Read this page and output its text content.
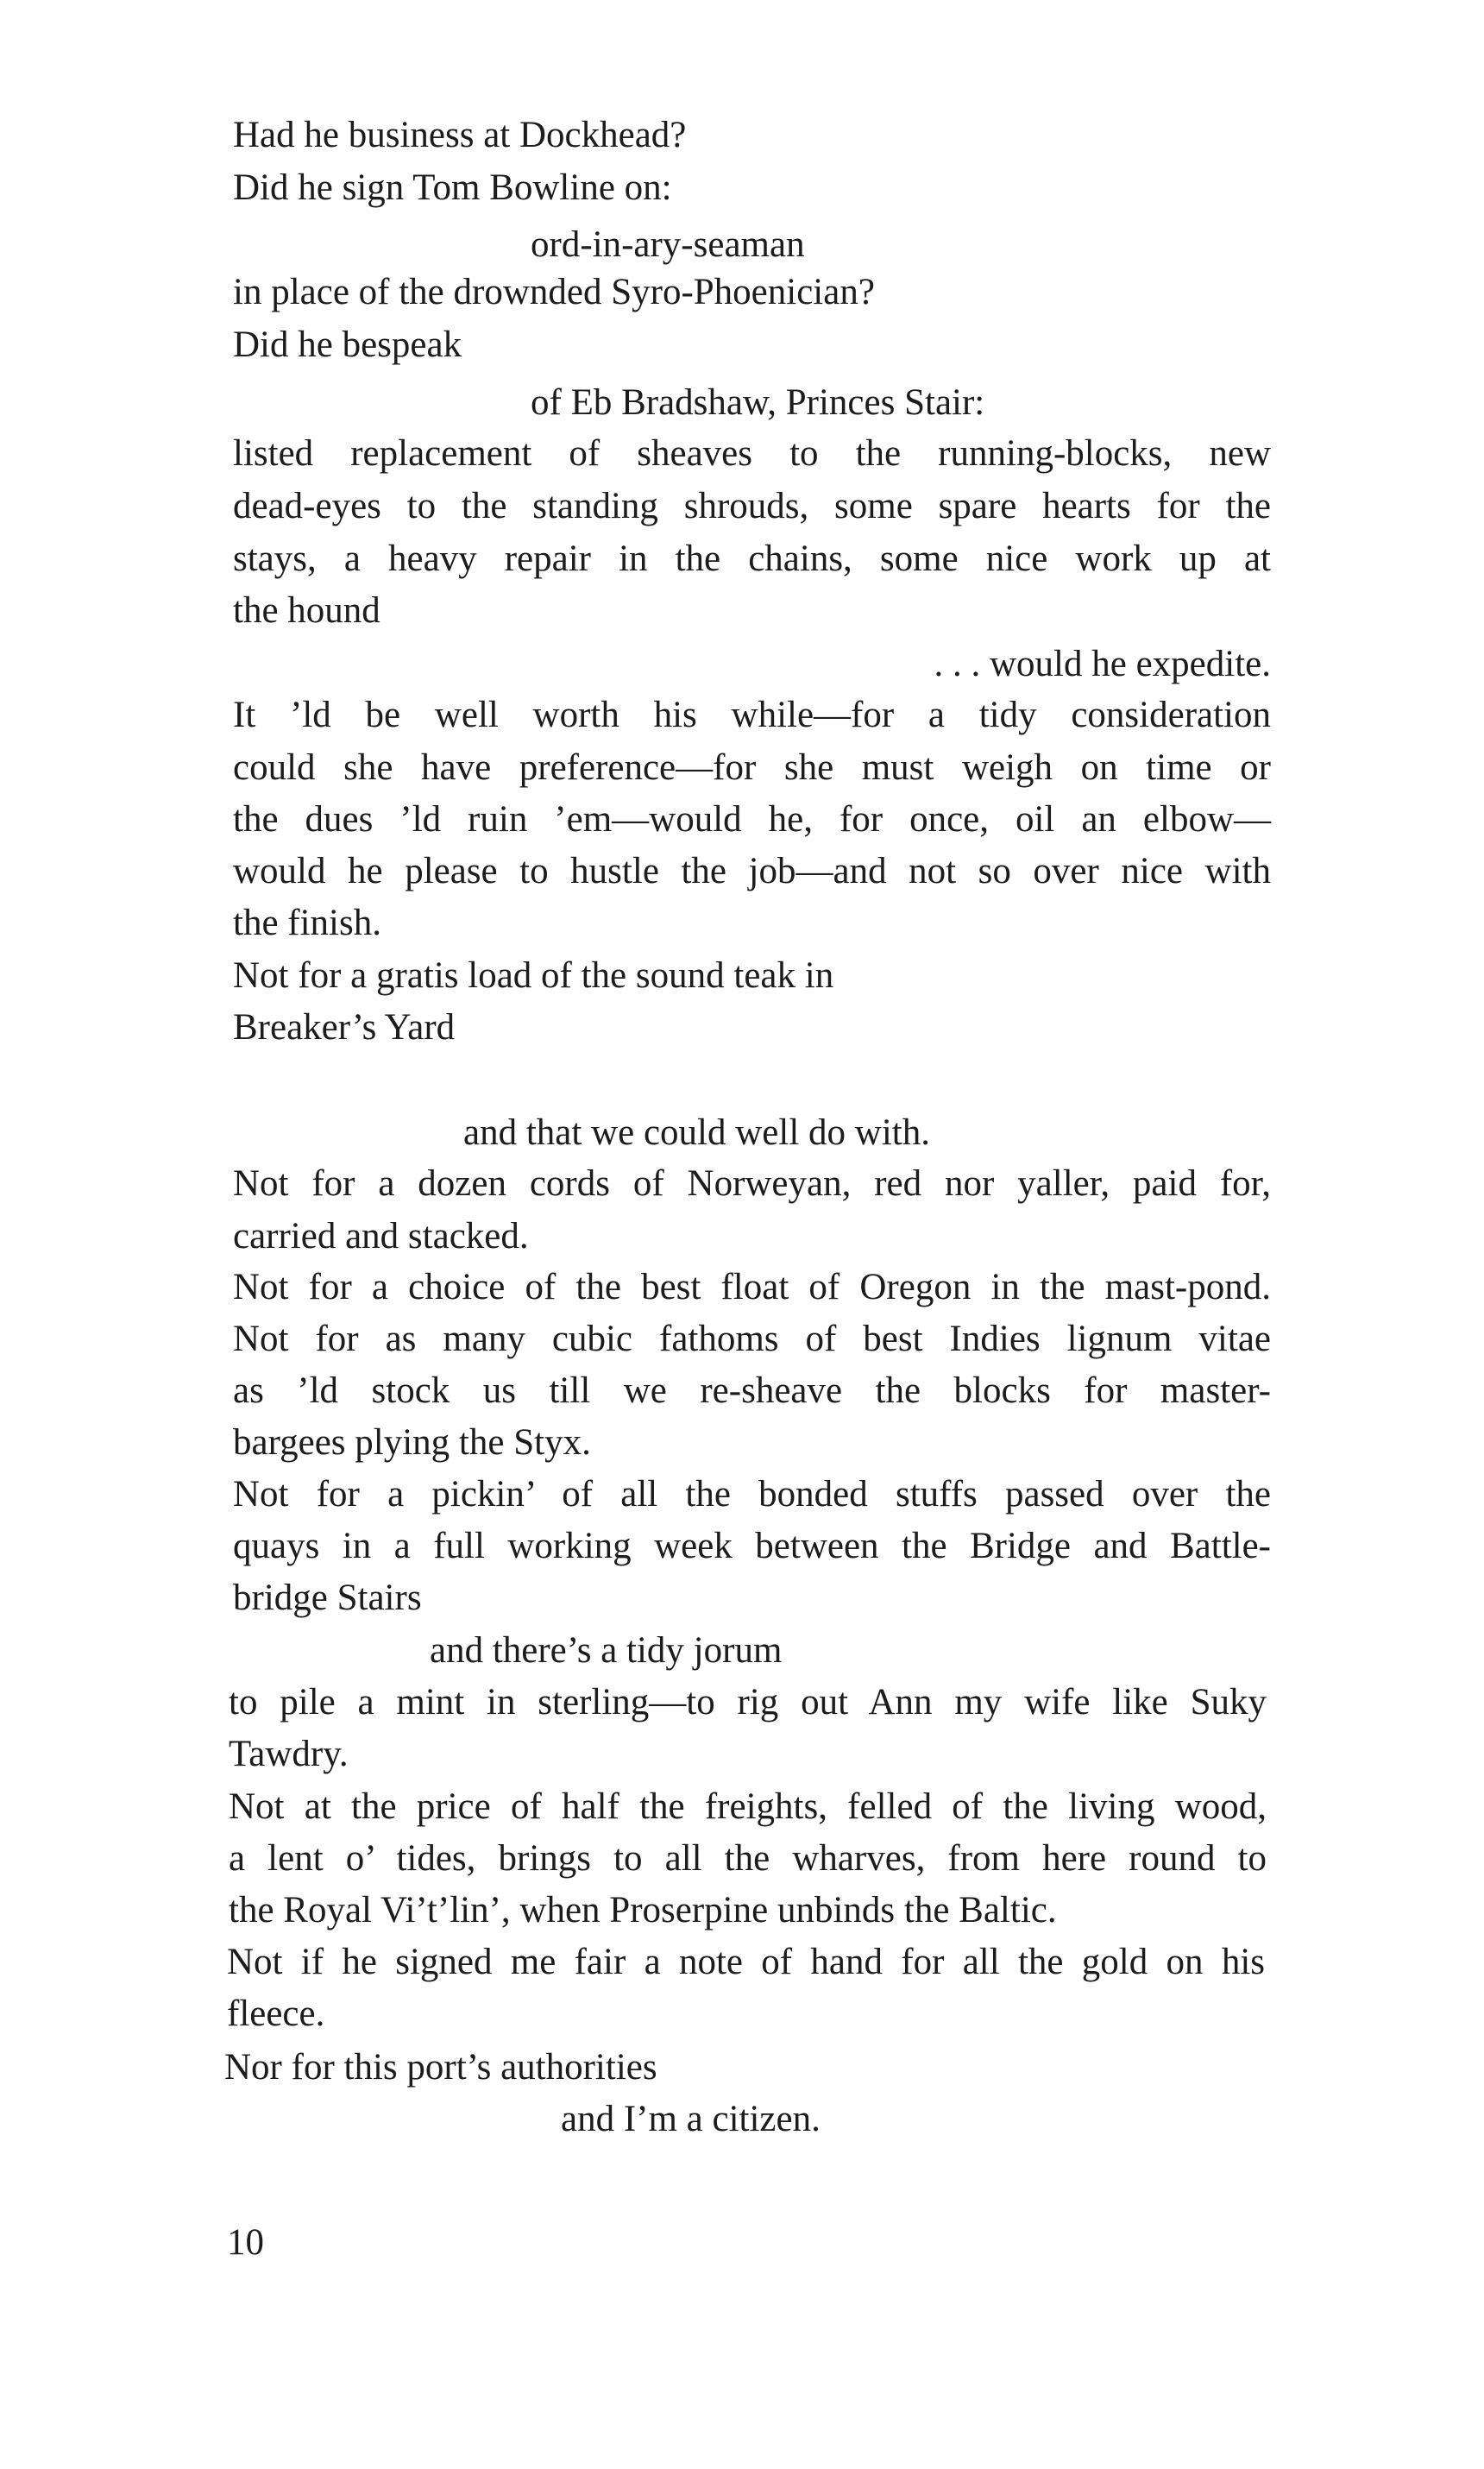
Had he business at Dockhead?

Did he sign Tom Bowline on:

ord-in-ary-seaman

in place of the drownded Syro-Phoenician?

Did he bespeak

of Eb Bradshaw, Princes Stair:

listed replacement of sheaves to the running-blocks, new

dead-eyes to the standing shrouds, some spare hearts for the

stays, a heavy repair in the chains, some nice work up at

the hound

. . . would he expedite.

It ’ld be well worth his while—for a tidy consideration

could she have preference—for she must weigh on time or

the dues ’ld ruin ’em—would he, for once, oil an elbow—

would he please to hustle the job—and not so over nice with

the finish.

Not for a gratis load of the sound teak in

Breaker’s Yard

and that we could well do with.

Not for a dozen cords of Norweyan, red nor yaller, paid for,

carried and stacked.

Not for a choice of the best float of Oregon in the mast-pond.

Not for as many cubic fathoms of best Indies lignum vitae

as ’ld stock us till we re-sheave the blocks for master-

bargees plying the Styx.

Not for a pickin’ of all the bonded stuffs passed over the

quays in a full working week between the Bridge and Battle-

bridge Stairs

and there’s a tidy jorum

to pile a mint in sterling—to rig out Ann my wife like Suky

Tawdry.

Not at the price of half the freights, felled of the living wood,

a lent o’ tides, brings to all the wharves, from here round to

the Royal Vi’t’lin’, when Proserpine unbinds the Baltic.

Not if he signed me fair a note of hand for all the gold on his

fleece.

Nor for this port’s authorities

and I’m a citizen.

10
